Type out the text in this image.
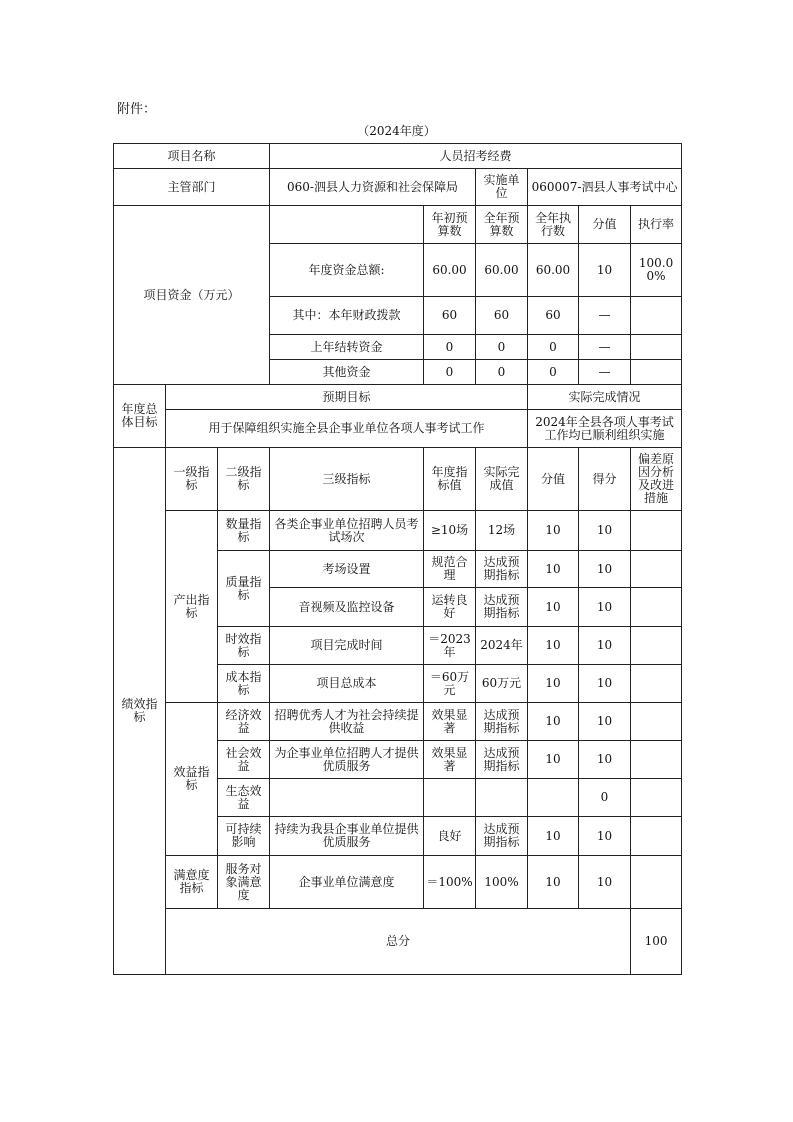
附件：
（2024年度）
项目名称			人员招考经费						
主管部门			060-泗县人力资源和社会保障局		实施单位	060007-泗县人事考试中心			
项目资金（万元）				年初预算数	全年预算数	全年执行数	分值	执行率	
			年度资金总额:	60.00	60.00	60.00	10	100.00%	
			其中：本年财政拨款	60	60	60	—		
			上年结转资金	0	0	0	—		
			其他资金	0	0	0	—		
年度总体目标	预期目标					实际完成情况			
	用于保障组织实施全县企事业单位各项人事考试工作					2024年全县各项人事考试工作均已顺利组织实施			
绩效指标	一级指标	二级指标	三级指标	年度指标值	实际完成值	分值	得分	偏差原因分析及改进措施	
	产出指标	数量指标	各类企事业单位招聘人员考试场次	≥10场	12场	10	10		
		质量指标	考场设置	规范合理	达成预期指标	10	10		
			音视频及监控设备	运转良好	达成预期指标	10	10		
		时效指标	项目完成时间	＝2023年	2024年	10	10		
		成本指标	项目总成本	＝60万元	60万元	10	10		
	效益指标	经济效益	招聘优秀人才为社会持续提供收益	效果显著	达成预期指标	10	10		
		社会效益	为企事业单位招聘人才提供优质服务	效果显著	达成预期指标	10	10		
		生态效益					0		
		可持续影响	持续为我县企事业单位提供优质服务	良好	达成预期指标	10	10		
	满意度指标	服务对象满意度	企事业单位满意度	＝100%	100%	10	10		
	总分							100	
